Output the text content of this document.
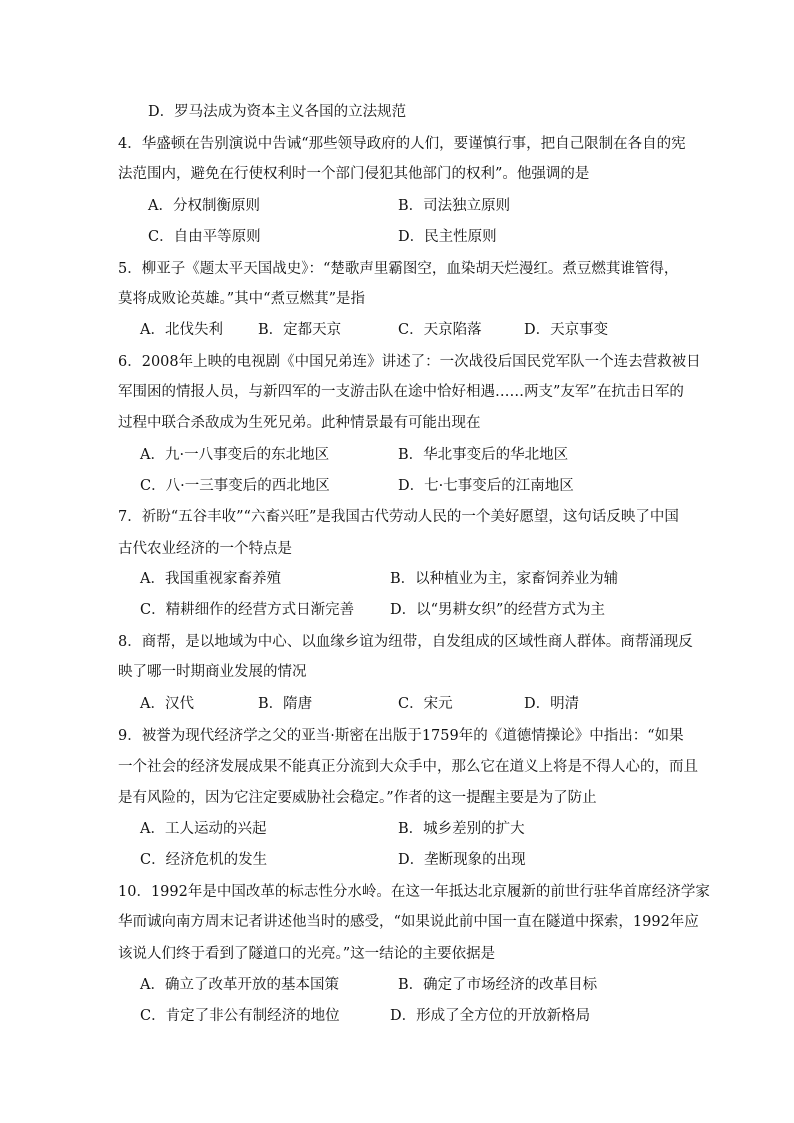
D．罗马法成为资本主义各国的立法规范
4．华盛顿在告别演说中告诫“那些领导政府的人们，要谨慎行事，把自己限制在各自的宪
法范围内，避免在行使权利时一个部门侵犯其他部门的权利”。他强调的是
5．柳亚子《题太平天国战史》：“楚歌声里霸图空，血染胡天烂漫红。煮豆燃萁谁管得，
莫将成败论英雄。”其中“煮豆燃萁”是指
6．2008年上映的电视剧《中国兄弟连》讲述了：一次战役后国民党军队一个连去营救被日
军围困的情报人员，与新四军的一支游击队在途中恰好相遇……两支”友军”在抗击日军的
过程中联合杀敌成为生死兄弟。此种情景最有可能出现在
7．祈盼“五谷丰收”“六畜兴旺”是我国古代劳动人民的一个美好愿望，这句话反映了中国
古代农业经济的一个特点是
8．商帮，是以地域为中心、以血缘乡谊为纽带，自发组成的区域性商人群体。商帮涌现反
映了哪一时期商业发展的情况
9．被誉为现代经济学之父的亚当·斯密在出版于1759年的《道德情操论》中指出：“如果
一个社会的经济发展成果不能真正分流到大众手中，那么它在道义上将是不得人心的，而且
是有风险的，因为它注定要威胁社会稳定。”作者的这一提醒主要是为了防止
10．1992年是中国改革的标志性分水岭。在这一年抵达北京履新的前世行驻华首席经济学家
华而诚向南方周末记者讲述他当时的感受，“如果说此前中国一直在隧道中探索，1992年应
该说人们终于看到了隧道口的光亮。”这一结论的主要依据是
A．分权制衡原则	B．司法独立原则
C．自由平等原则	D．民主性原则
A．北伐失利 B．定都天京	C．天京陷落	D．天京事变
A．九·一八事变后的东北地区	B．华北事变后的华北地区
C．八·一三事变后的西北地区	D．七·七事变后的江南地区
A．我国重视家畜养殖	B．以种植业为主，家畜饲养业为辅
C．精耕细作的经营方式日渐完善 D．以“男耕女织”的经营方式为主
A．汉代	B．隋唐	C．宋元	D．明清
A．工人运动的兴起	B．城乡差别的扩大
C．经济危机的发生	D．垄断现象的出现
A．确立了改革开放的基本国策	B．确定了市场经济的改革目标
C．肯定了非公有制经济的地位	D．形成了全方位的开放新格局
